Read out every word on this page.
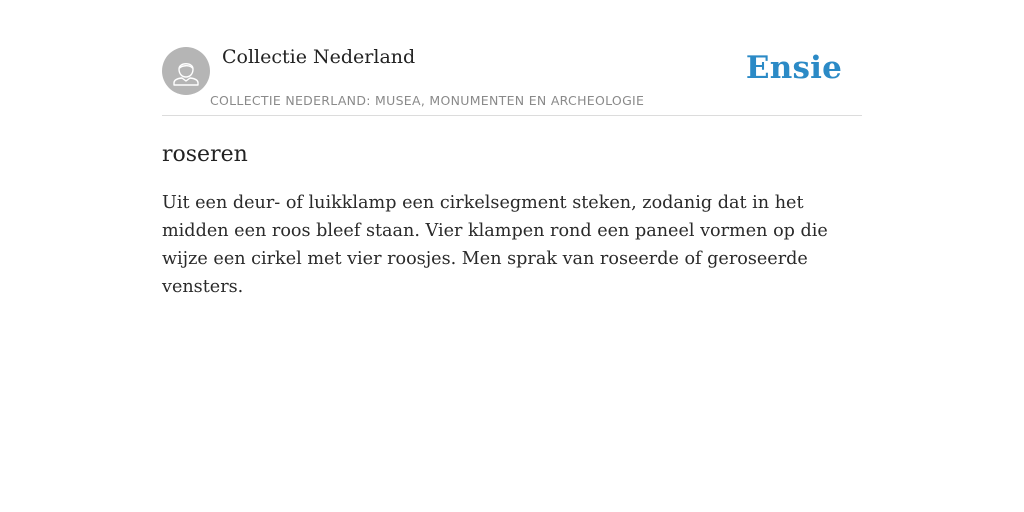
Collectie Nederland
COLLECTIE NEDERLAND: MUSEA, MONUMENTEN EN ARCHEOLOGIE
Ensie
roseren
Uit een deur- of luikklamp een cirkelsegment steken, zodanig dat in het midden een roos bleef staan. Vier klampen rond een paneel vormen op die wijze een cirkel met vier roosjes. Men sprak van roseerde of geroseerde vensters.
